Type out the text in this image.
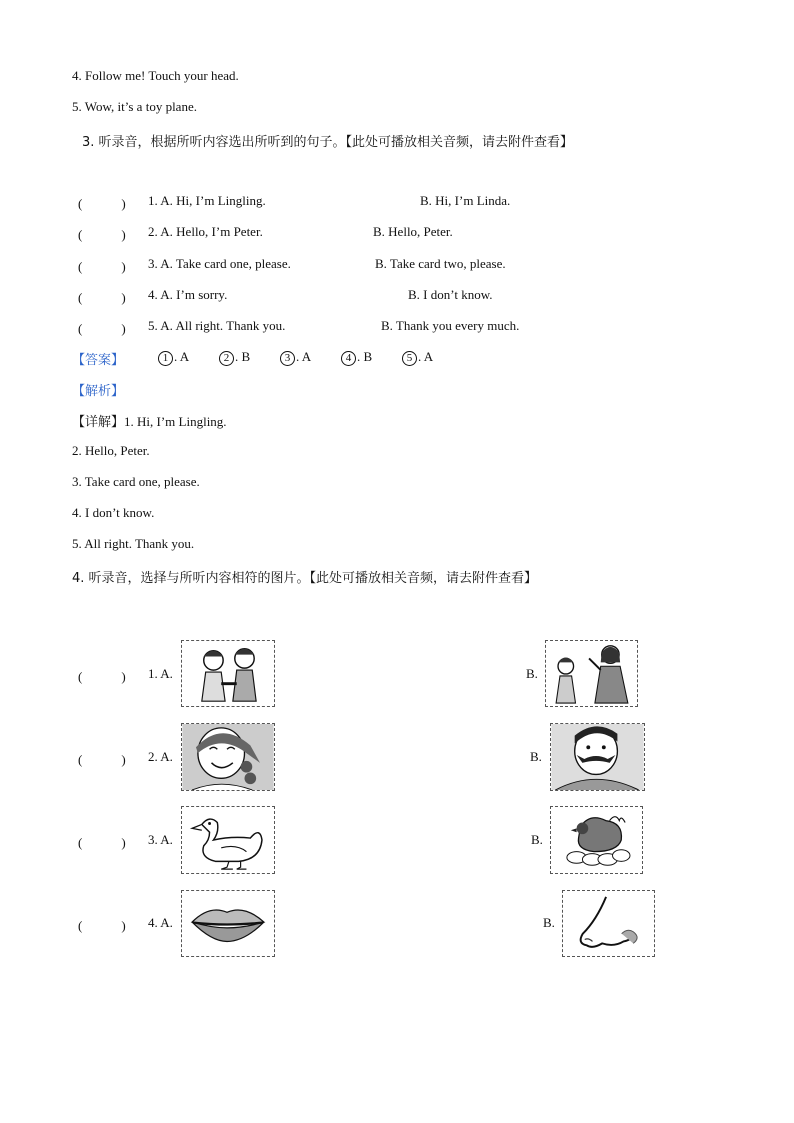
4. Follow me! Touch your head.
5. Wow, it’s a toy plane.
3. 听录音，根据所听内容选出所听到的句子。【此处可播放相关音频，请去附件查看】
(　　　) 1. A. Hi, I’m Lingling.	B. Hi, I’m Linda.
(　　　) 2. A. Hello, I’m Peter.	B. Hello, Peter.
(　　　) 3. A. Take card one, please.	B. Take card two, please.
(　　　) 4. A. I’m sorry.	B. I don’t know.
(　　　) 5. A. All right. Thank you.	B. Thank you every much.
【答案】	1 . A	2 . B	3 . A	4 . B	5 . A
【解析】
【详解】1. Hi, I’m Lingling.
2. Hello, Peter.
3. Take card one, please.
4. I don’t know.
5. All right. Thank you.
4. 听录音，选择与所听内容相符的图片。【此处可播放相关音频，请去附件查看】
(　　　) 1. A.	B.
(　　　) 2. A.	B.
(　　　) 3. A.	B.
(　　　) 4. A.	B.
